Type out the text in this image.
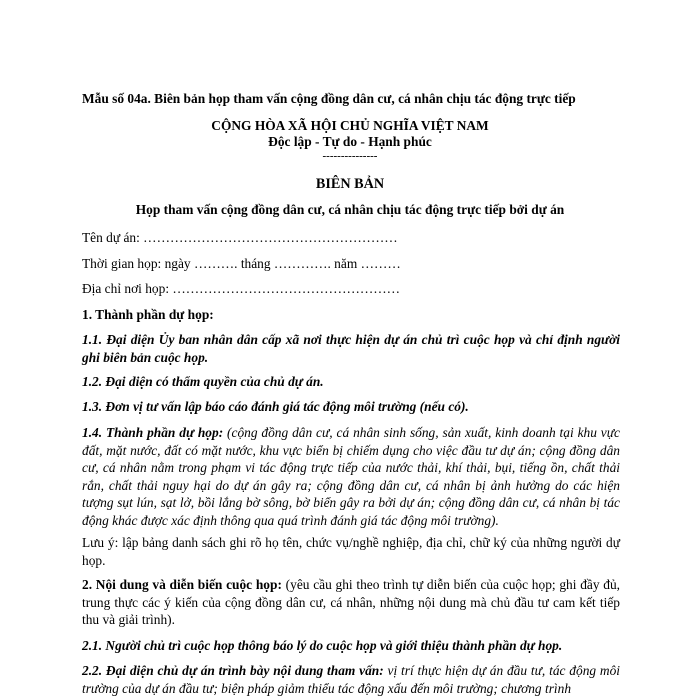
Mẫu số 04a. Biên bản họp tham vấn cộng đồng dân cư, cá nhân chịu tác động trực tiếp
CỘNG HÒA XÃ HỘI CHỦ NGHĨA VIỆT NAM
Độc lập - Tự do - Hạnh phúc
---------------
BIÊN BẢN
Họp tham vấn cộng đồng dân cư, cá nhân chịu tác động trực tiếp bởi dự án
Tên dự án: …………………………………………………
Thời gian họp: ngày ………. tháng …………. năm ………
Địa chỉ nơi họp: ……………………………………………
1. Thành phần dự họp:
1.1. Đại diện Ủy ban nhân dân cấp xã nơi thực hiện dự án chủ trì cuộc họp và chỉ định người ghi biên bản cuộc họp.
1.2. Đại diện có thẩm quyền của chủ dự án.
1.3. Đơn vị tư vấn lập báo cáo đánh giá tác động môi trường (nếu có).
1.4. Thành phần dự họp: (cộng đồng dân cư, cá nhân sinh sống, sản xuất, kinh doanh tại khu vực đất, mặt nước, đất có mặt nước, khu vực biển bị chiếm dụng cho việc đầu tư dự án; cộng đồng dân cư, cá nhân nằm trong phạm vi tác động trực tiếp của nước thải, khí thải, bụi, tiếng ồn, chất thải rắn, chất thải nguy hại do dự án gây ra; cộng đồng dân cư, cá nhân bị ảnh hưởng do các hiện tượng sụt lún, sạt lở, bồi lắng bờ sông, bờ biển gây ra bởi dự án; cộng đồng dân cư, cá nhân bị tác động khác được xác định thông qua quá trình đánh giá tác động môi trường).
Lưu ý: lập bảng danh sách ghi rõ họ tên, chức vụ/nghề nghiệp, địa chỉ, chữ ký của những người dự họp.
2. Nội dung và diễn biến cuộc họp: (yêu cầu ghi theo trình tự diễn biến của cuộc họp; ghi đầy đủ, trung thực các ý kiến của cộng đồng dân cư, cá nhân, những nội dung mà chủ đầu tư cam kết tiếp thu và giải trình).
2.1. Người chủ trì cuộc họp thông báo lý do cuộc họp và giới thiệu thành phần dự họp.
2.2. Đại diện chủ dự án trình bày nội dung tham vấn: vị trí thực hiện dự án đầu tư, tác động môi trường của dự án đầu tư; biện pháp giảm thiểu tác động xấu đến môi trường; chương trình
